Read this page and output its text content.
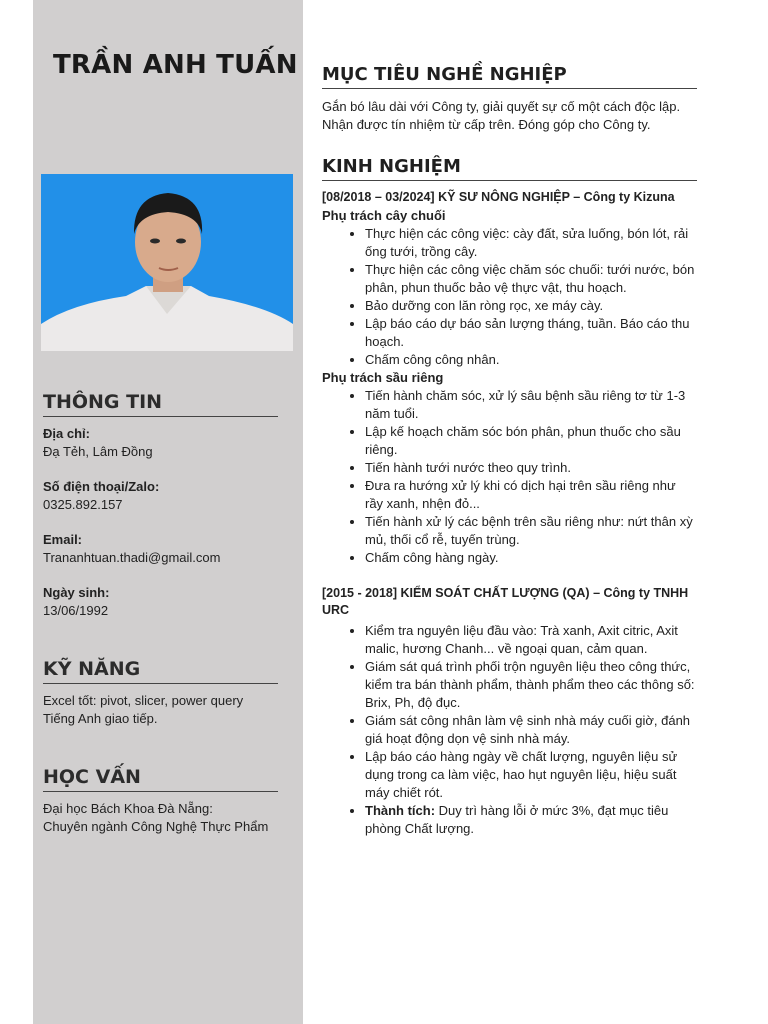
TRẦN ANH TUẤN
THÔNG TIN
Địa chỉ:
Đạ Tẻh, Lâm Đồng
Số điện thoại/Zalo:
0325.892.157
Email:
Trananhtuan.thadi@gmail.com
Ngày sinh:
13/06/1992
KỸ NĂNG
Excel tốt: pivot, slicer, power query
Tiếng Anh giao tiếp.
HỌC VẤN
Đại học Bách Khoa Đà Nẵng:
Chuyên ngành Công Nghệ Thực Phẩm
MỤC TIÊU NGHỀ NGHIỆP

Gắn bó lâu dài với Công ty, giải quyết sự cố một cách độc lập.
Nhận được tín nhiệm từ cấp trên. Đóng góp cho Công ty.

KINH NGHIỆM
[08/2018 – 03/2024] KỸ SƯ NÔNG NGHIỆP – Công ty Kizuna
Phụ trách cây chuối
• Thực hiện các công việc: cày đất, sửa luống, bón lót, rải ống tưới, trồng cây.
• Thực hiện các công việc chăm sóc chuối: tưới nước, bón phân, phun thuốc bảo vệ thực vật, thu hoạch.
• Bảo dưỡng con lăn ròng rọc, xe máy cày.
• Lập báo cáo dự báo sản lượng tháng, tuần. Báo cáo thu hoạch.
• Chấm công công nhân.
Phụ trách sầu riêng
• Tiến hành chăm sóc, xử lý sâu bệnh sầu riêng tơ từ 1-3 năm tuổi.
• Lập kế hoạch chăm sóc bón phân, phun thuốc cho sầu riêng.
• Tiến hành tưới nước theo quy trình.
• Đưa ra hướng xử lý khi có dịch hại trên sầu riêng như rầy xanh, nhện đỏ...
• Tiến hành xử lý các bệnh trên sầu riêng như: nứt thân xỳ mủ, thối cổ rễ, tuyến trùng.
• Chấm công hàng ngày.
[2015 - 2018] KIỂM SOÁT CHẤT LƯỢNG (QA) – Công ty TNHH URC
• Kiểm tra nguyên liệu đầu vào: Trà xanh, Axit citric, Axit malic, hương Chanh... về ngoại quan, cảm quan.
• Giám sát quá trình phối trộn nguyên liệu theo công thức, kiểm tra bán thành phẩm, thành phẩm theo các thông số: Brix, Ph, độ đục.
• Giám sát công nhân làm vệ sinh nhà máy cuối giờ, đánh giá hoạt động dọn vệ sinh nhà máy.
• Lập báo cáo hàng ngày về chất lượng, nguyên liệu sử dụng trong ca làm việc, hao hụt nguyên liệu, hiệu suất máy chiết rót.
• Thành tích: Duy trì hàng lỗi ở mức 3%, đạt mục tiêu phòng Chất lượng.
